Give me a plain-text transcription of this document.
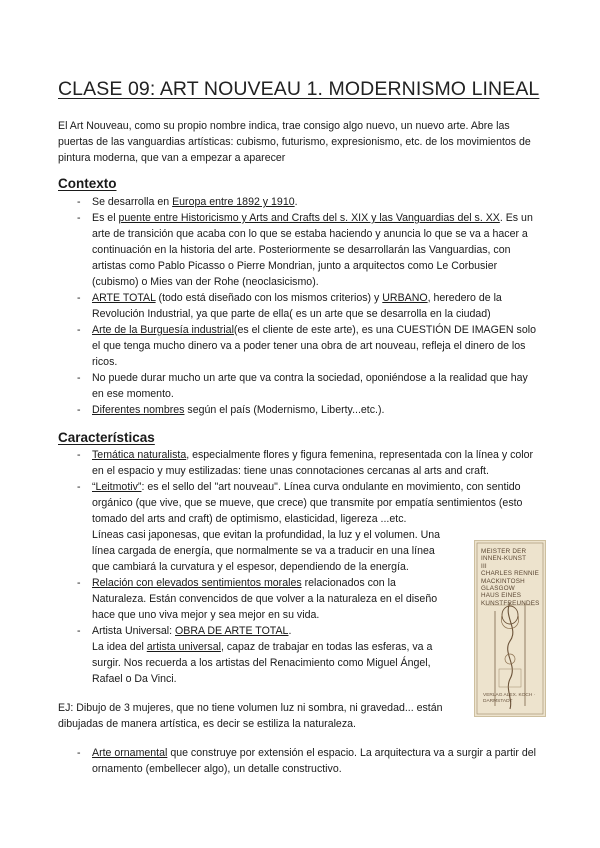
CLASE 09: ART NOUVEAU 1. MODERNISMO LINEAL

El Art Nouveau, como su propio nombre indica, trae consigo algo nuevo, un nuevo arte. Abre las puertas de las vanguardias artísticas: cubismo, futurismo, expresionismo, etc. de los movimientos de pintura moderna, que van a empezar a aparecer

Contexto
- Se desarrolla en Europa entre 1892 y 1910.
- Es el puente entre Historicismo y Arts and Crafts del s. XIX y las Vanguardias del s. XX. Es un arte de transición que acaba con lo que se estaba haciendo y anuncia lo que se va a hacer a continuación en la historia del arte. Posteriormente se desarrollarán las Vanguardias, con artistas como Pablo Picasso o Pierre Mondrian, junto a arquitectos como Le Corbusier (cubismo) o Mies van der Rohe (neoclasicismo).
- ARTE TOTAL (todo está diseñado con los mismos criterios) y URBANO, heredero de la Revolución Industrial, ya que parte de ella( es un arte que se desarrolla en la ciudad)
- Arte de la Burguesía industrial(es el cliente de este arte), es una CUESTIÓN DE IMAGEN solo el que tenga mucho dinero va a poder tener una obra de art nouveau, refleja el dinero de los ricos.
- No puede durar mucho un arte que va contra la sociedad, oponiéndose a la realidad que hay en ese momento.
- Diferentes nombres según el país (Modernismo, Liberty...etc.).
Características
- Temática naturalista, especialmente flores y figura femenina, representada con la línea y color en el espacio y muy estilizadas: tiene unas connotaciones cercanas al arts and craft.
- “Leitmotiv”: es el sello del "art nouveau". Línea curva ondulante en movimiento, con sentido orgánico (que vive, que se mueve, que crece) que transmite por empatía sentimientos (esto tomado del arts and craft) de optimismo, elasticidad, ligereza ...etc.
Líneas casi japonesas, que evitan la profundidad, la luz y el volumen. Una línea cargada de energía, que normalmente se va a traducir en una línea que cambiará la curvatura y el espesor, dependiendo de la energía.
- Relación con elevados sentimientos morales relacionados con la Naturaleza. Están convencidos de que volver a la naturaleza en el diseño hace que uno viva mejor y sea mejor en su vida.
- Artista Universal: OBRA DE ARTE TOTAL.
La idea del artista universal, capaz de trabajar en todas las esferas, va a surgir. Nos recuerda a los artistas del Renacimiento como Miguel Ángel, Rafael o Da Vinci.

EJ: Dibujo de 3 mujeres, que no tiene volumen luz ni sombra, ni gravedad... están dibujadas de manera artística, es decir se estiliza la naturaleza.

- Arte ornamental que construye por extensión el espacio. La arquitectura va a surgir a partir del ornamento (embellecer algo), un detalle constructivo.
MEISTER DER
INNEN-KUNST
III
CHARLES RENNIE
MACKINTOSH
GLASGOW
HAUS EINES
KUNSTFREUNDES
VERLAG ALEX. KOCH · DARMSTADT
